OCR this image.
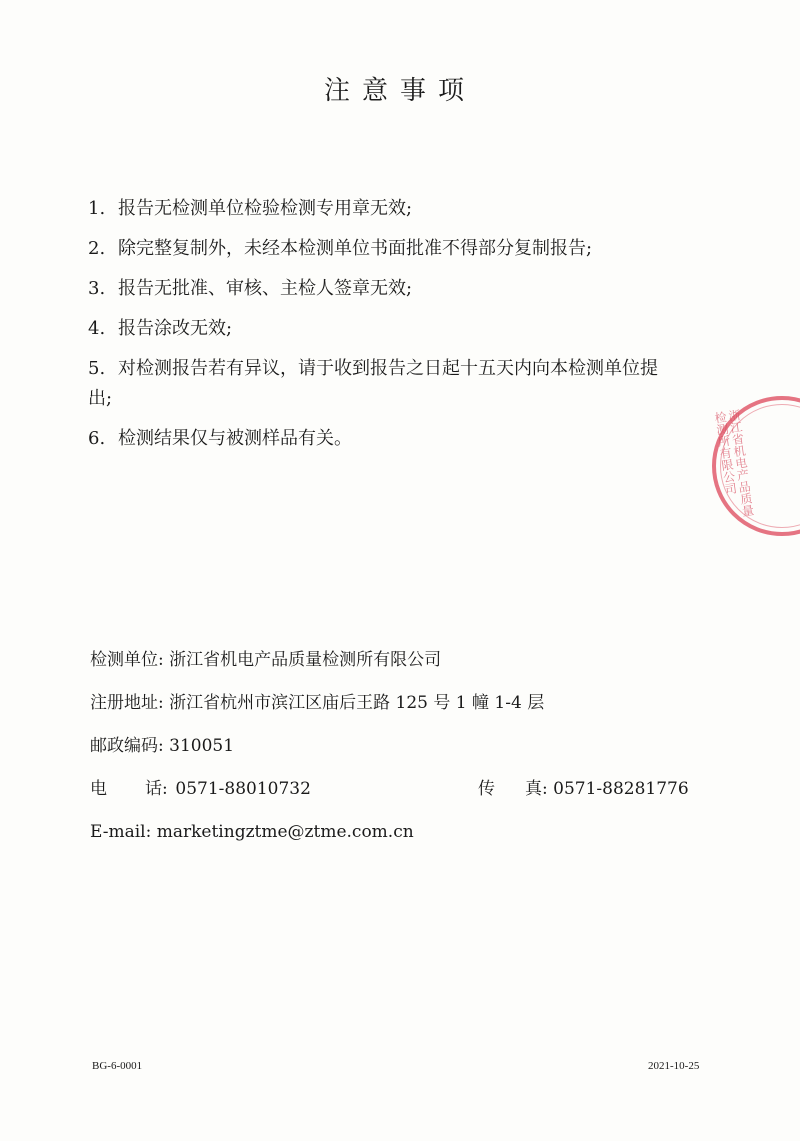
注意事项
1. 报告无检测单位检验检测专用章无效;
2. 除完整复制外，未经本检测单位书面批准不得部分复制报告;
3. 报告无批准、审核、主检人签章无效;
4. 报告涂改无效;
5. 对检测报告若有异议，请于收到报告之日起十五天内向本检测单位提
出;
6. 检测结果仅与被测样品有关。	浙江省机电产品质量检测所有限公司
检测单位: 浙江省机电产品质量检测所有限公司
注册地址: 浙江省杭州市滨江区庙后王路 125 号 1 幢 1-4 层
邮政编码: 310051
电 话: 0571-88010732	传 真: 0571-88281776
E-mail: marketingztme@ztme.com.cn
BG-6-0001	2021-10-25
